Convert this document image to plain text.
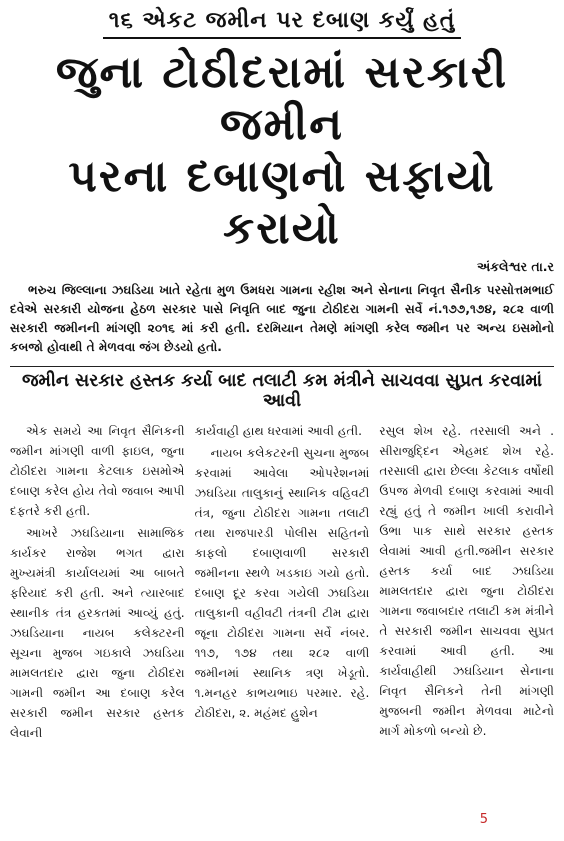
૧૬ એકટ જમીન પર દબાણ કર્યું હતું
જુના ટોઠીદરામાં સરકારી જમીન
પરના દબાણનો સફાયો કરાયો
અંકલેશ્વર તા.ર
ભરુચ જિલ્લાના ઝઘડિયા ખાતે રહેતા મુળ ઉમધરા ગામના રહીશ અને સેનાના નિવૃત સૈનીક પરસોત્તમભાઈ દવેએ સરકારી યોજના હેઠળ સરકાર પાસે નિવૃતિ બાદ જુના ટોઠીદરા ગામની સર્વે નં.૧૭૭,૧૭૪, ૨૮૨ વાળી સરકારી જમીનની માંગણી ૨૦૧૬ માં કરી હતી. દરમિયાન તેમણે માંગણી કરેલ જમીન પર અન્ય ઇસમોનો કબજો હોવાથી તે મેળવવા જંગ છેડયો હતો.
જમીન સરકાર હસ્તક કર્યા બાદ તલાટી કમ મંત્રીને સાચવવા સુપ્રત કરવામાં આવી

એક સમયે આ નિવૃત સૈનિકની જમીન માંગણી વાળી ફાઇલ, જુના ટોઠીદરા ગામના કેટલાક ઇસમોએ દબાણ કરેલ હોય તેવો જવાબ આપી દફતરે કરી હતી.

આખરે ઝઘડિયાના સામાજિક કાર્યકર રાજેશ ભગત દ્વારા મુખ્યમંત્રી કાર્યાલયમાં આ બાબતે ફરિયાદ કરી હતી. અને ત્યારબાદ સ્થાનીક તંત્ર હરકતમાં આવ્યું હતું. ઝઘડિયાના નાયબ કલેક્ટરની સૂચના મુજબ ગઇકાલે ઝઘડિયા મામલતદાર દ્વારા જુના ટોઠીદરા ગામની જમીન આ દબાણ કરેલ સરકારી જમીન સરકાર હસ્તક લેવાની

કાર્યવાહી હાથ ધરવામાં આવી હતી.

નાયબ કલેકટરની સુચના મુજબ કરવામાં આવેલા ઓપરેશનમાં ઝઘડિયા તાલુકાનું સ્થાનિક વહિવટી તંત્ર, જુના ટોઠીદરા ગામના તલાટી તથા રાજપારડી પોલીસ સહિતનો કાફલો દબાણવાળી સરકારી જમીનના સ્થળે ખડકાઇ ગયો હતો. દબાણ દૂર કરવા ગયેલી ઝઘડિયા તાલુકાની વહીવટી તંત્રની ટીમ દ્વારા જૂના ટોઠીદરા ગામના સર્વે નંબર. ૧૧૭, ૧૭૪ તથા ૨૮૨ વાળી જમીનમાં સ્થાનિક ત્રણ ખેડૂતો. ૧.મનહર કાભયભાઇ પરમાર. રહે. ટોઠીદરા, ૨. મહંમદ હુશેન

રસુલ શેખ રહે. તરસાલી અને . સીરાજુદ્દિન એહમદ શેખ રહે. તરસાલી દ્વારા છેલ્લા કેટલાક વર્ષોથી ઉપજ મેળવી દબાણ કરવામાં આવી રહ્યું હતું તે જમીન ખાલી કરાવીને ઉભા પાક સાથે સરકાર હસ્તક લેવામાં આવી હતી.જમીન સરકાર હસ્તક કર્યા બાદ ઝઘડિયા મામલતદાર દ્વારા જુના ટોઠીદરા ગામના જવાબદાર તલાટી કમ મંત્રીને તે સરકારી જમીન સાચવવા સુપ્રત કરવામાં આવી હતી. આ કાર્યવાહીથી ઝઘડિયાન સેનાના નિવૃત સૈનિકને તેની માંગણી મુજબની જમીન મેળવવા માટેનો માર્ગ મોકળો બન્યો છે.

5
